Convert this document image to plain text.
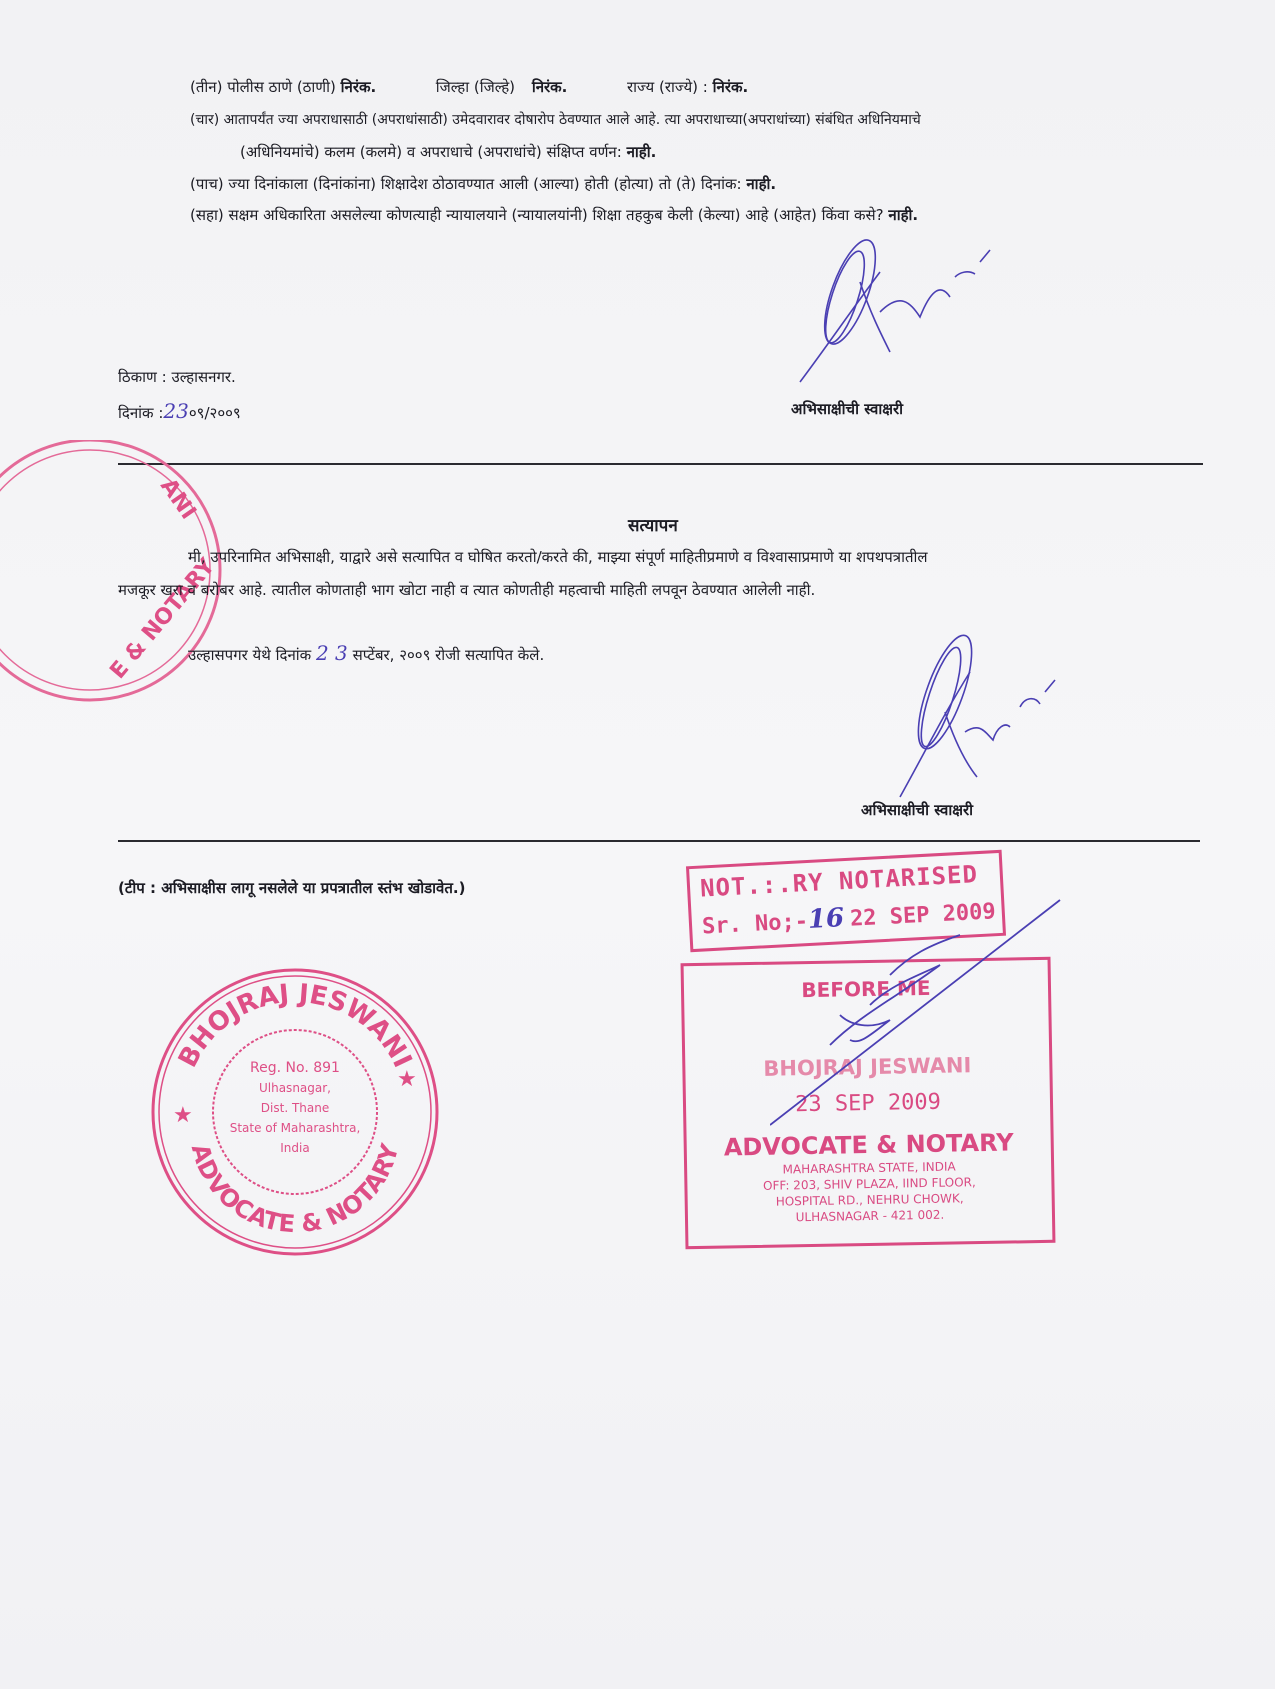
(तीन) पोलीस ठाणे (ठाणी) निरंक.	जिल्हा (जिल्हे) निरंक.	राज्य (राज्ये) : निरंक.
(चार) आतापर्यंत ज्या अपराधासाठी (अपराधांसाठी) उमेदवारावर दोषारोप ठेवण्यात आले आहे. त्या अपराधाच्या(अपराधांच्या) संबंधित अधिनियमाचे
(अधिनियमांचे) कलम (कलमे) व अपराधाचे (अपराधांचे) संक्षिप्त वर्णन: नाही.
(पाच) ज्या दिनांकाला (दिनांकांना) शिक्षादेश ठोठावण्यात आली (आल्या) होती (होत्या) तो (ते) दिनांक: नाही.
(सहा) सक्षम अधिकारिता असलेल्या कोणत्याही न्यायालयाने (न्यायालयांनी) शिक्षा तहकुब केली (केल्या) आहे (आहेत) किंवा कसे? नाही.
ठिकाण : उल्हासनगर.
दिनांक :23०९/२००९	अभिसाक्षीची स्वाक्षरी
E & NOTARY
ANI
सत्यापन
मी, उपरिनामित अभिसाक्षी, याद्वारे असे सत्यापित व घोषित करतो/करते की, माझ्या संपूर्ण माहितीप्रमाणे व विश्वासाप्रमाणे या शपथपत्रातील
मजकूर खरा व बरोबर आहे. त्यातील कोणताही भाग खोटा नाही व त्यात कोणतीही महत्वाची माहिती लपवून ठेवण्यात आलेली नाही.
उल्हासपगर येथे दिनांक 2 3 सप्टेंबर, २००९ रोजी सत्यापित केले.
अभिसाक्षीची स्वाक्षरी
(टीप : अभिसाक्षीस लागू नसलेले या प्रपत्रातील स्तंभ खोडावेत.)	NOT.:.RY NOTARISED
Sr. No;-16 22 SEP 2009
BEFORE ME
BHOJRAJ JESWANI
23 SEP 2009
ADVOCATE & NOTARY
MAHARASHTRA STATE, INDIA
OFF: 203, SHIV PLAZA, IIND FLOOR,
HOSPITAL RD., NEHRU CHOWK,
ULHASNAGAR - 421 002.
BHOJRAJ JESWANI
ADVOCATE & NOTARY
★
★
Reg. No. 891
Ulhasnagar,
Dist. Thane
State of Maharashtra,
India
